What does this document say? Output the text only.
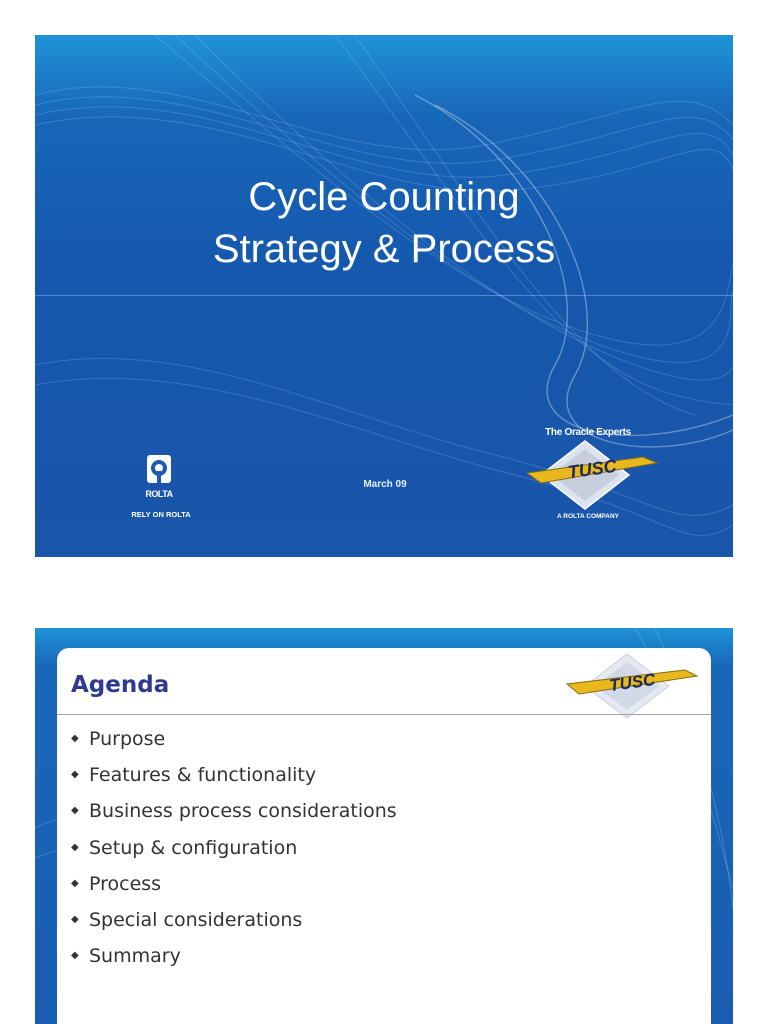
Cycle Counting
Strategy & Process
March 09
ROLTA
RELY ON ROLTA
The Oracle Experts
TUSC
A ROLTA COMPANY
Agenda	TUSC
◆ Purpose
◆ Features & functionality
◆ Business process considerations
◆ Setup & configuration
◆ Process
◆ Special considerations
◆ Summary
